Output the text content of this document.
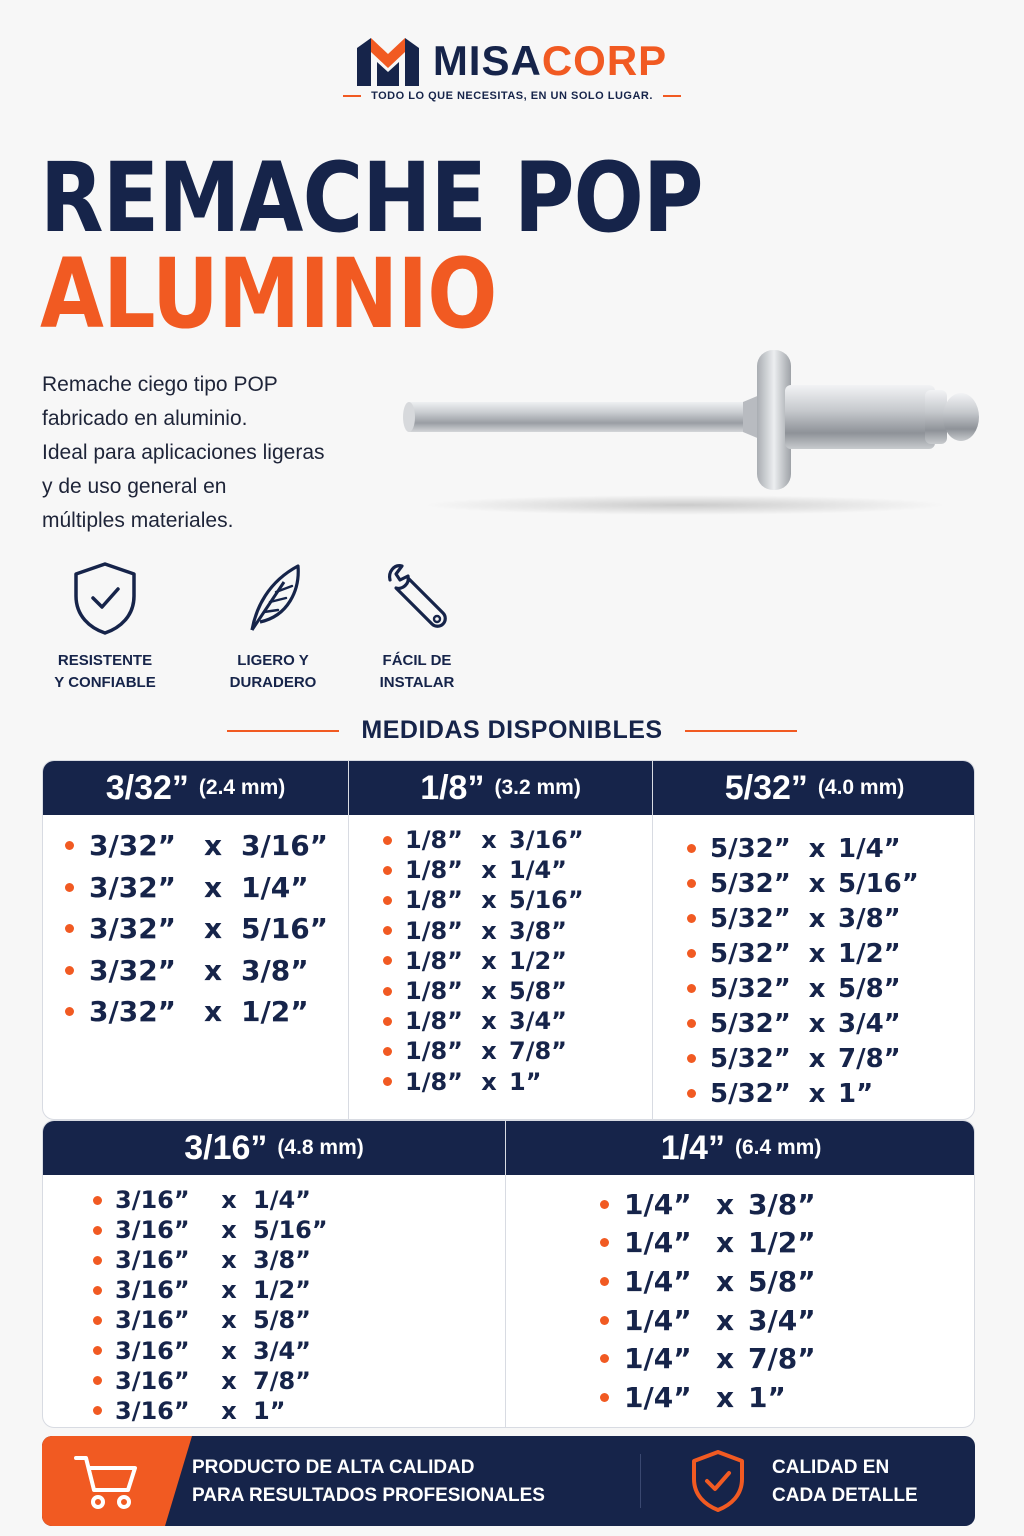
MISACORP
TODO LO QUE NECESITAS, EN UN SOLO LUGAR.
REMACHE POP
ALUMINIO
Remache ciego tipo POP
fabricado en aluminio.
Ideal para aplicaciones ligeras
y de uso general en
múltiples materiales.
RESISTENTE
Y CONFIABLE
LIGERO Y
DURADERO
FÁCIL DE
INSTALAR
MEDIDAS DISPONIBLES
3/32” (2.4 mm)
3/32” x 3/16”
3/32” x 1/4”
3/32” x 5/16”
3/32” x 3/8”
3/32” x 1/2”
1/8” (3.2 mm)
1/8” x 3/16”
1/8” x 1/4”
1/8” x 5/16”
1/8” x 3/8”
1/8” x 1/2”
1/8” x 5/8”
1/8” x 3/4”
1/8” x 7/8”
1/8” x 1”
5/32” (4.0 mm)
5/32” x 1/4”
5/32” x 5/16”
5/32” x 3/8”
5/32” x 1/2”
5/32” x 5/8”
5/32” x 3/4”
5/32” x 7/8”
5/32” x 1”
3/16” (4.8 mm)
3/16”	x 1/4”
3/16”	x 5/16”
3/16”	x 3/8”
3/16”	x 1/2”
3/16”	x 5/8”
3/16”	x 3/4”
3/16”	x 7/8”
3/16”	x 1”
1/4” (6.4 mm)
1/4” x 3/8”
1/4” x 1/2”
1/4” x 5/8”
1/4” x 3/4”
1/4” x 7/8”
1/4” x 1”
PRODUCTO DE ALTA CALIDAD
PARA RESULTADOS PROFESIONALES
CALIDAD EN
CADA DETALLE
